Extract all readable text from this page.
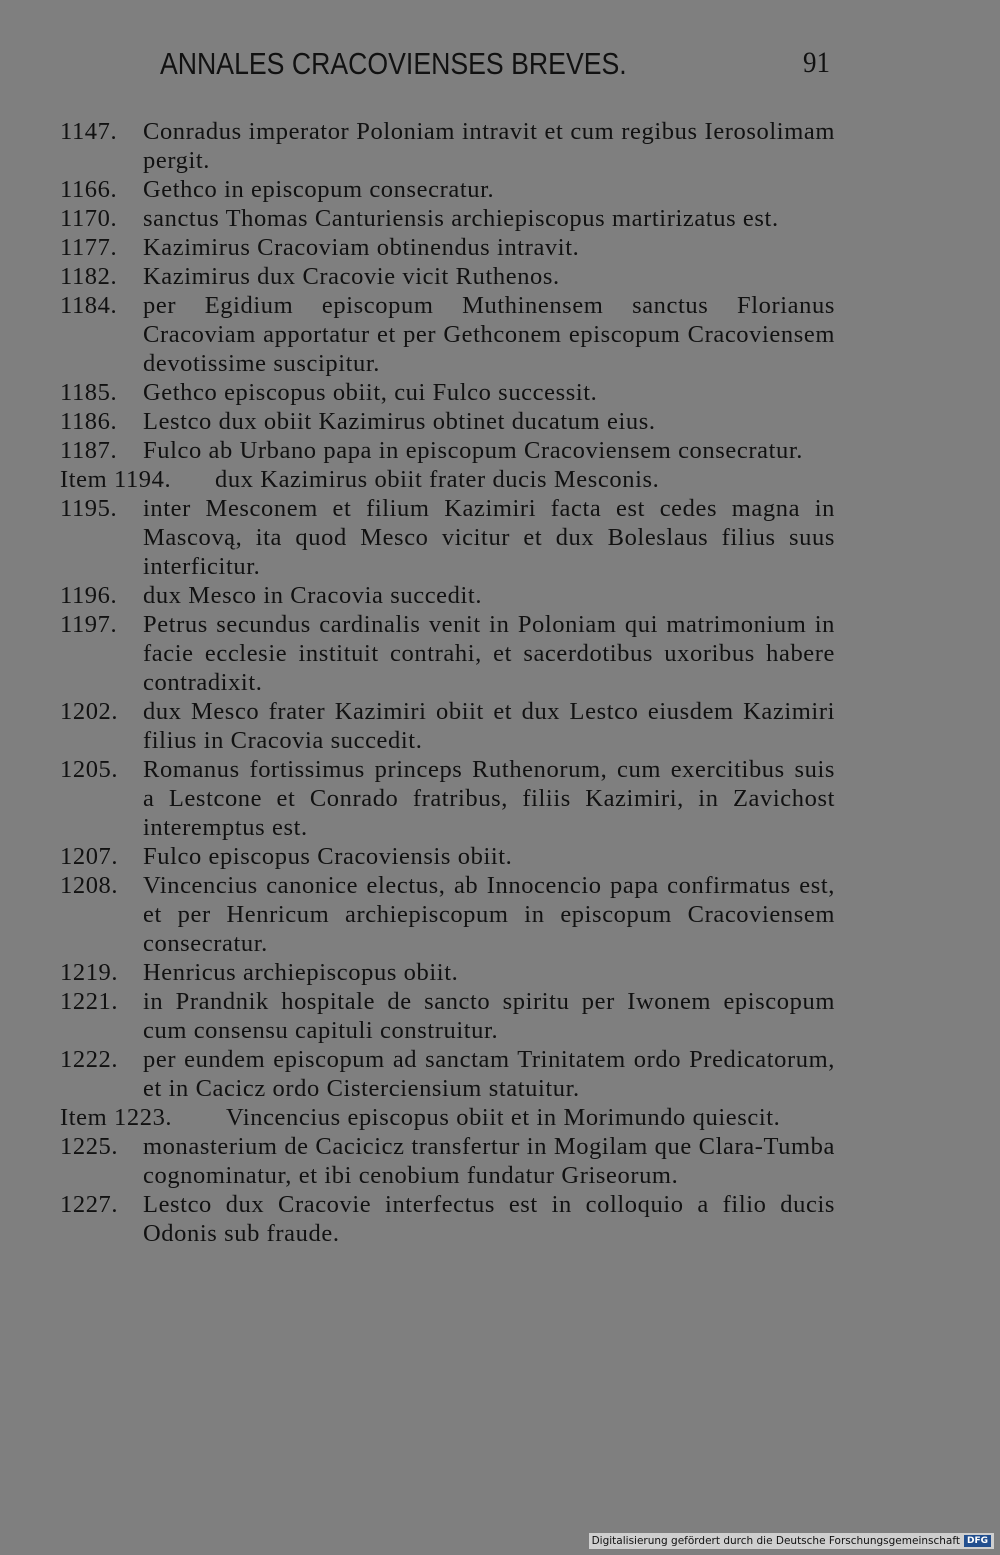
ANNALES CRACOVIENSES BREVES.	91
1147. Conradus imperator Poloniam intravit et cum regibus Ierosolimam pergit.
1166. Gethco in episcopum consecratur.
1170. sanctus Thomas Canturiensis archiepiscopus martirizatus est.
1177. Kazimirus Cracoviam obtinendus intravit.
1182. Kazimirus dux Cracovie vicit Ruthenos.
1184. per Egidium episcopum Muthinensem sanctus Florianus Cracoviam apportatur et per Gethconem episcopum Cracoviensem devotissime suscipitur.
1185. Gethco episcopus obiit, cui Fulco successit.
1186. Lestco dux obiit Kazimirus obtinet ducatum eius.
1187. Fulco ab Urbano papa in episcopum Cracoviensem consecratur.
Item 1194. dux Kazimirus obiit frater ducis Mesconis.
1195. inter Mesconem et filium Kazimiri facta est cedes magna in Mascovą, ita quod Mesco vicitur et dux Boleslaus filius suus interficitur.
1196. dux Mesco in Cracovia succedit.
1197. Petrus secundus cardinalis venit in Poloniam qui matrimonium in facie ecclesie instituit contrahi, et sacerdotibus uxoribus habere contradixit.
1202. dux Mesco frater Kazimiri obiit et dux Lestco eiusdem Kazimiri filius in Cracovia succedit.
1205. Romanus fortissimus princeps Ruthenorum, cum exercitibus suis a Lestcone et Conrado fratribus, filiis Kazimiri, in Zavichost interemptus est.
1207. Fulco episcopus Cracoviensis obiit.
1208. Vincencius canonice electus, ab Innocencio papa confirmatus est, et per Henricum archiepiscopum in episcopum Cracoviensem consecratur.
1219. Henricus archiepiscopus obiit.
1221. in Prandnik hospitale de sancto spiritu per Iwonem episcopum cum consensu capituli construitur.
1222. per eundem episcopum ad sanctam Trinitatem ordo Predicatorum, et in Cacicz ordo Cisterciensium statuitur.
Item 1223.	Vincencius episcopus obiit et in Morimundo quiescit.
1225. monasterium de Cacicicz transfertur in Mogilam que Clara-Tumba cognominatur, et ibi cenobium fundatur Griseorum.
1227. Lestco dux Cracovie interfectus est in colloquio a filio ducis Odonis sub fraude.
Digitalisierung gefördert durch die Deutsche Forschungsgemeinschaft DFG
